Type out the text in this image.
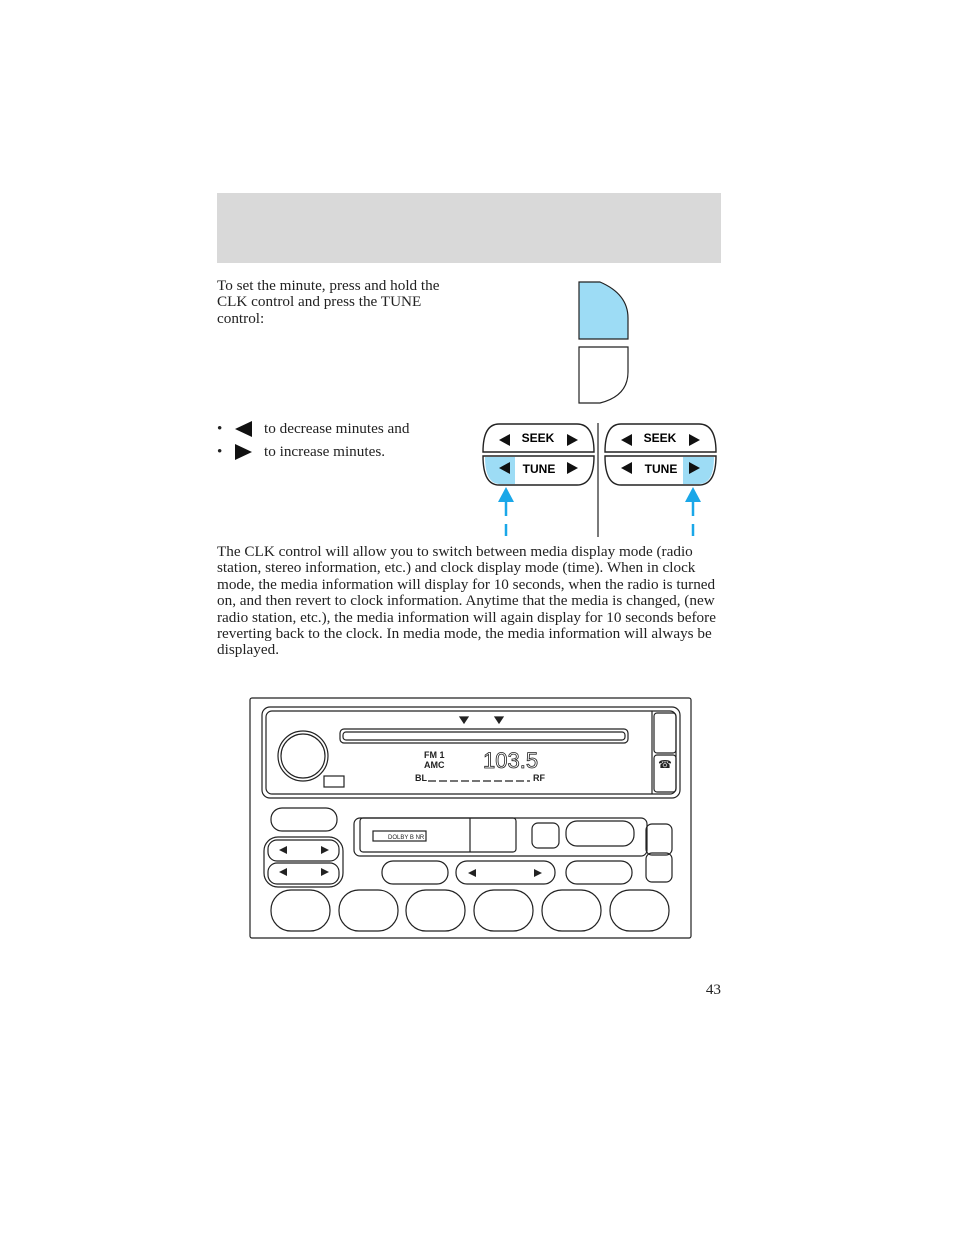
To set the minute, press and hold the CLK control and press the TUNE control:

•	to decrease minutes and
•	to increase minutes.

The CLK control will allow you to switch between media display mode (radio station, stereo information, etc.) and clock display mode (time). When in clock mode, the media information will display for 10 seconds, when the radio is turned on, and then revert to clock information. Anytime that the media is changed, (new radio station, etc.), the media information will again display for 10 seconds before reverting back to the clock. In media mode, the media information will always be displayed.

43
SEEK
TUNE
SEEK
TUNE
☎
FM 1
AMC 103.5
BL	RF
DOLBY B NR
